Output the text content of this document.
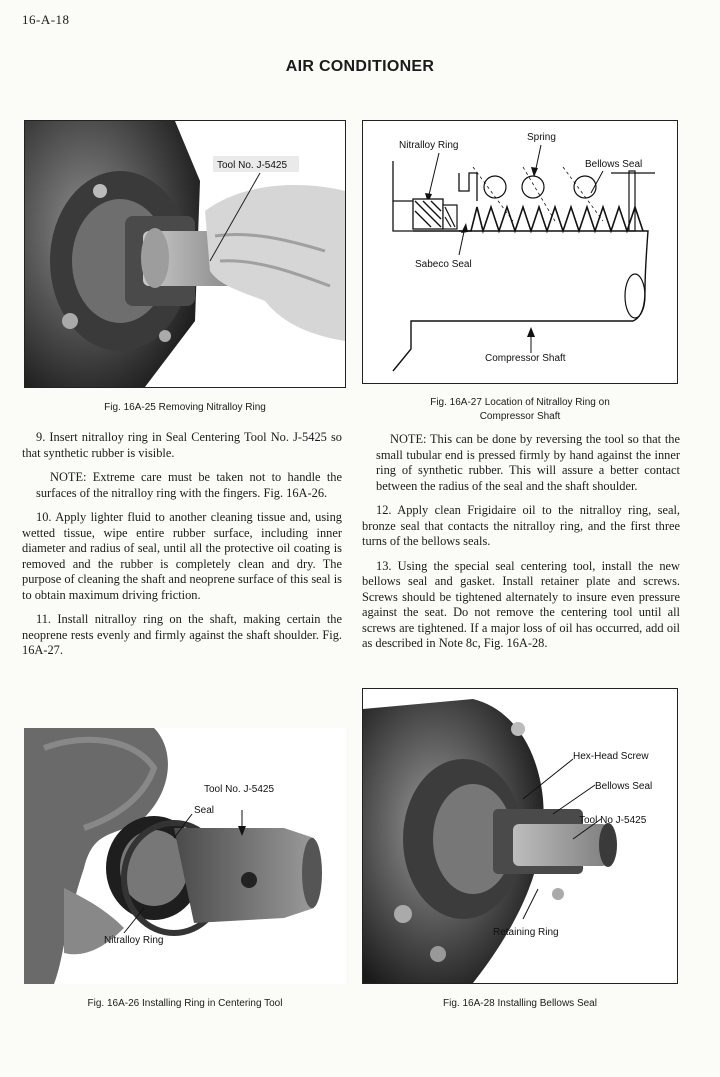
16-A-18
AIR CONDITIONER
Tool No. J-5425
Fig. 16A-25 Removing Nitralloy Ring
Nitralloy Ring
Spring
Bellows Seal
Sabeco Seal
Compressor Shaft
Fig. 16A-27 Location of Nitralloy Ring on
Compressor Shaft

9. Insert nitralloy ring in Seal Centering Tool No. J-5425 so that synthetic rubber is visible.

NOTE: Extreme care must be taken not to handle the surfaces of the nitralloy ring with the fingers. Fig. 16A-26.

10. Apply lighter fluid to another cleaning tissue and, using wetted tissue, wipe entire rubber surface, including inner diameter and radius of seal, until all the protective oil coating is removed and the rubber is completely clean and dry. The purpose of cleaning the shaft and neoprene surface of this seal is to obtain maximum driving friction.

11. Install nitralloy ring on the shaft, making certain the neoprene rests evenly and firmly against the shaft shoulder. Fig. 16A-27.

NOTE: This can be done by reversing the tool so that the small tubular end is pressed firmly by hand against the inner ring of synthetic rubber. This will assure a better contact between the radius of the seal and the shaft shoulder.

12. Apply clean Frigidaire oil to the nitralloy ring, seal, bronze seal that contacts the nitralloy ring, and the first three turns of the bellows seals.

13. Using the special seal centering tool, install the new bellows seal and gasket. Install retainer plate and screws. Screws should be tightened alternately to insure even pressure against the seat. Do not remove the centering tool until all screws are tightened. If a major loss of oil has occurred, add oil as described in Note 8c, Fig. 16A-28.

Tool No. J-5425
Seal
Nitralloy Ring
Fig. 16A-26 Installing Ring in Centering Tool
Hex-Head Screw
Bellows Seal
Tool No J-5425
Retaining Ring
Fig. 16A-28 Installing Bellows Seal
